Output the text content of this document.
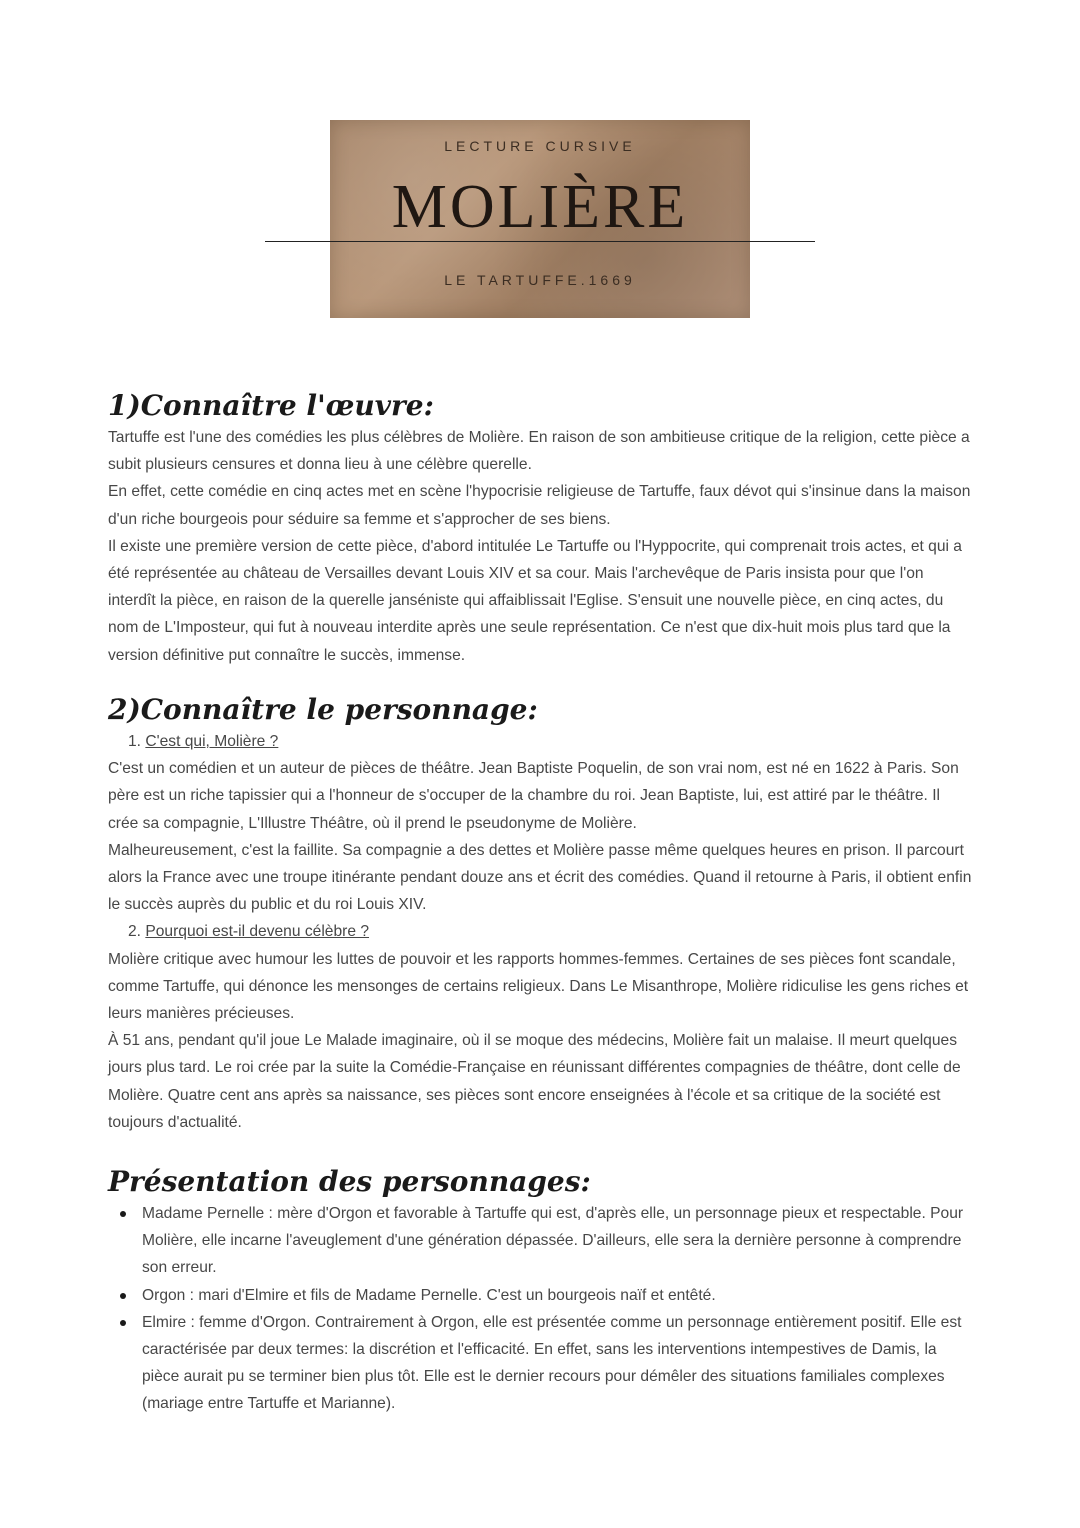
LECTURE CURSIVE
MOLIÈRE
LE TARTUFFE.1669
1)Connaître l'œuvre:

Tartuffe est l'une des comédies les plus célèbres de Molière. En raison de son ambitieuse critique de la religion, cette pièce a subit plusieurs censures et donna lieu à une célèbre querelle.

En effet, cette comédie en cinq actes met en scène l'hypocrisie religieuse de Tartuffe, faux dévot qui s'insinue dans la maison d'un riche bourgeois pour séduire sa femme et s'approcher de ses biens.

Il existe une première version de cette pièce, d'abord intitulée Le Tartuffe ou l'Hyppocrite, qui comprenait trois actes, et qui a été représentée au château de Versailles devant Louis XIV et sa cour. Mais l'archevêque de Paris insista pour que l'on interdît la pièce, en raison de la querelle janséniste qui affaiblissait l'Eglise. S'ensuit une nouvelle pièce, en cinq actes, du nom de L'Imposteur, qui fut à nouveau interdite après une seule représentation. Ce n'est que dix-huit mois plus tard que la version définitive put connaître le succès, immense.

2)Connaître le personnage:
1. C'est qui, Molière ?

C'est un comédien et un auteur de pièces de théâtre. Jean Baptiste Poquelin, de son vrai nom, est né en 1622 à Paris. Son père est un riche tapissier qui a l'honneur de s'occuper de la chambre du roi. Jean Baptiste, lui, est attiré par le théâtre. Il crée sa compagnie, L'Illustre Théâtre, où il prend le pseudonyme de Molière.

Malheureusement, c'est la faillite. Sa compagnie a des dettes et Molière passe même quelques heures en prison. Il parcourt alors la France avec une troupe itinérante pendant douze ans et écrit des comédies. Quand il retourne à Paris, il obtient enfin le succès auprès du public et du roi Louis XIV.

2. Pourquoi est-il devenu célèbre ?

Molière critique avec humour les luttes de pouvoir et les rapports hommes-femmes. Certaines de ses pièces font scandale, comme Tartuffe, qui dénonce les mensonges de certains religieux. Dans Le Misanthrope, Molière ridiculise les gens riches et leurs manières précieuses.

À 51 ans, pendant qu'il joue Le Malade imaginaire, où il se moque des médecins, Molière fait un malaise. Il meurt quelques jours plus tard. Le roi crée par la suite la Comédie-Française en réunissant différentes compagnies de théâtre, dont celle de Molière. Quatre cent ans après sa naissance, ses pièces sont encore enseignées à l'école et sa critique de la société est toujours d'actualité.

Présentation des personnages:
Madame Pernelle : mère d'Orgon et favorable à Tartuffe qui est, d'après elle, un personnage pieux et respectable. Pour Molière, elle incarne l'aveuglement d'une génération dépassée. D'ailleurs, elle sera la dernière personne à comprendre son erreur.
Orgon : mari d'Elmire et fils de Madame Pernelle. C'est un bourgeois naïf et entêté.
Elmire : femme d'Orgon. Contrairement à Orgon, elle est présentée comme un personnage entièrement positif. Elle est caractérisée par deux termes: la discrétion et l'efficacité. En effet, sans les interventions intempestives de Damis, la pièce aurait pu se terminer bien plus tôt. Elle est le dernier recours pour démêler des situations familiales complexes (mariage entre Tartuffe et Marianne).
